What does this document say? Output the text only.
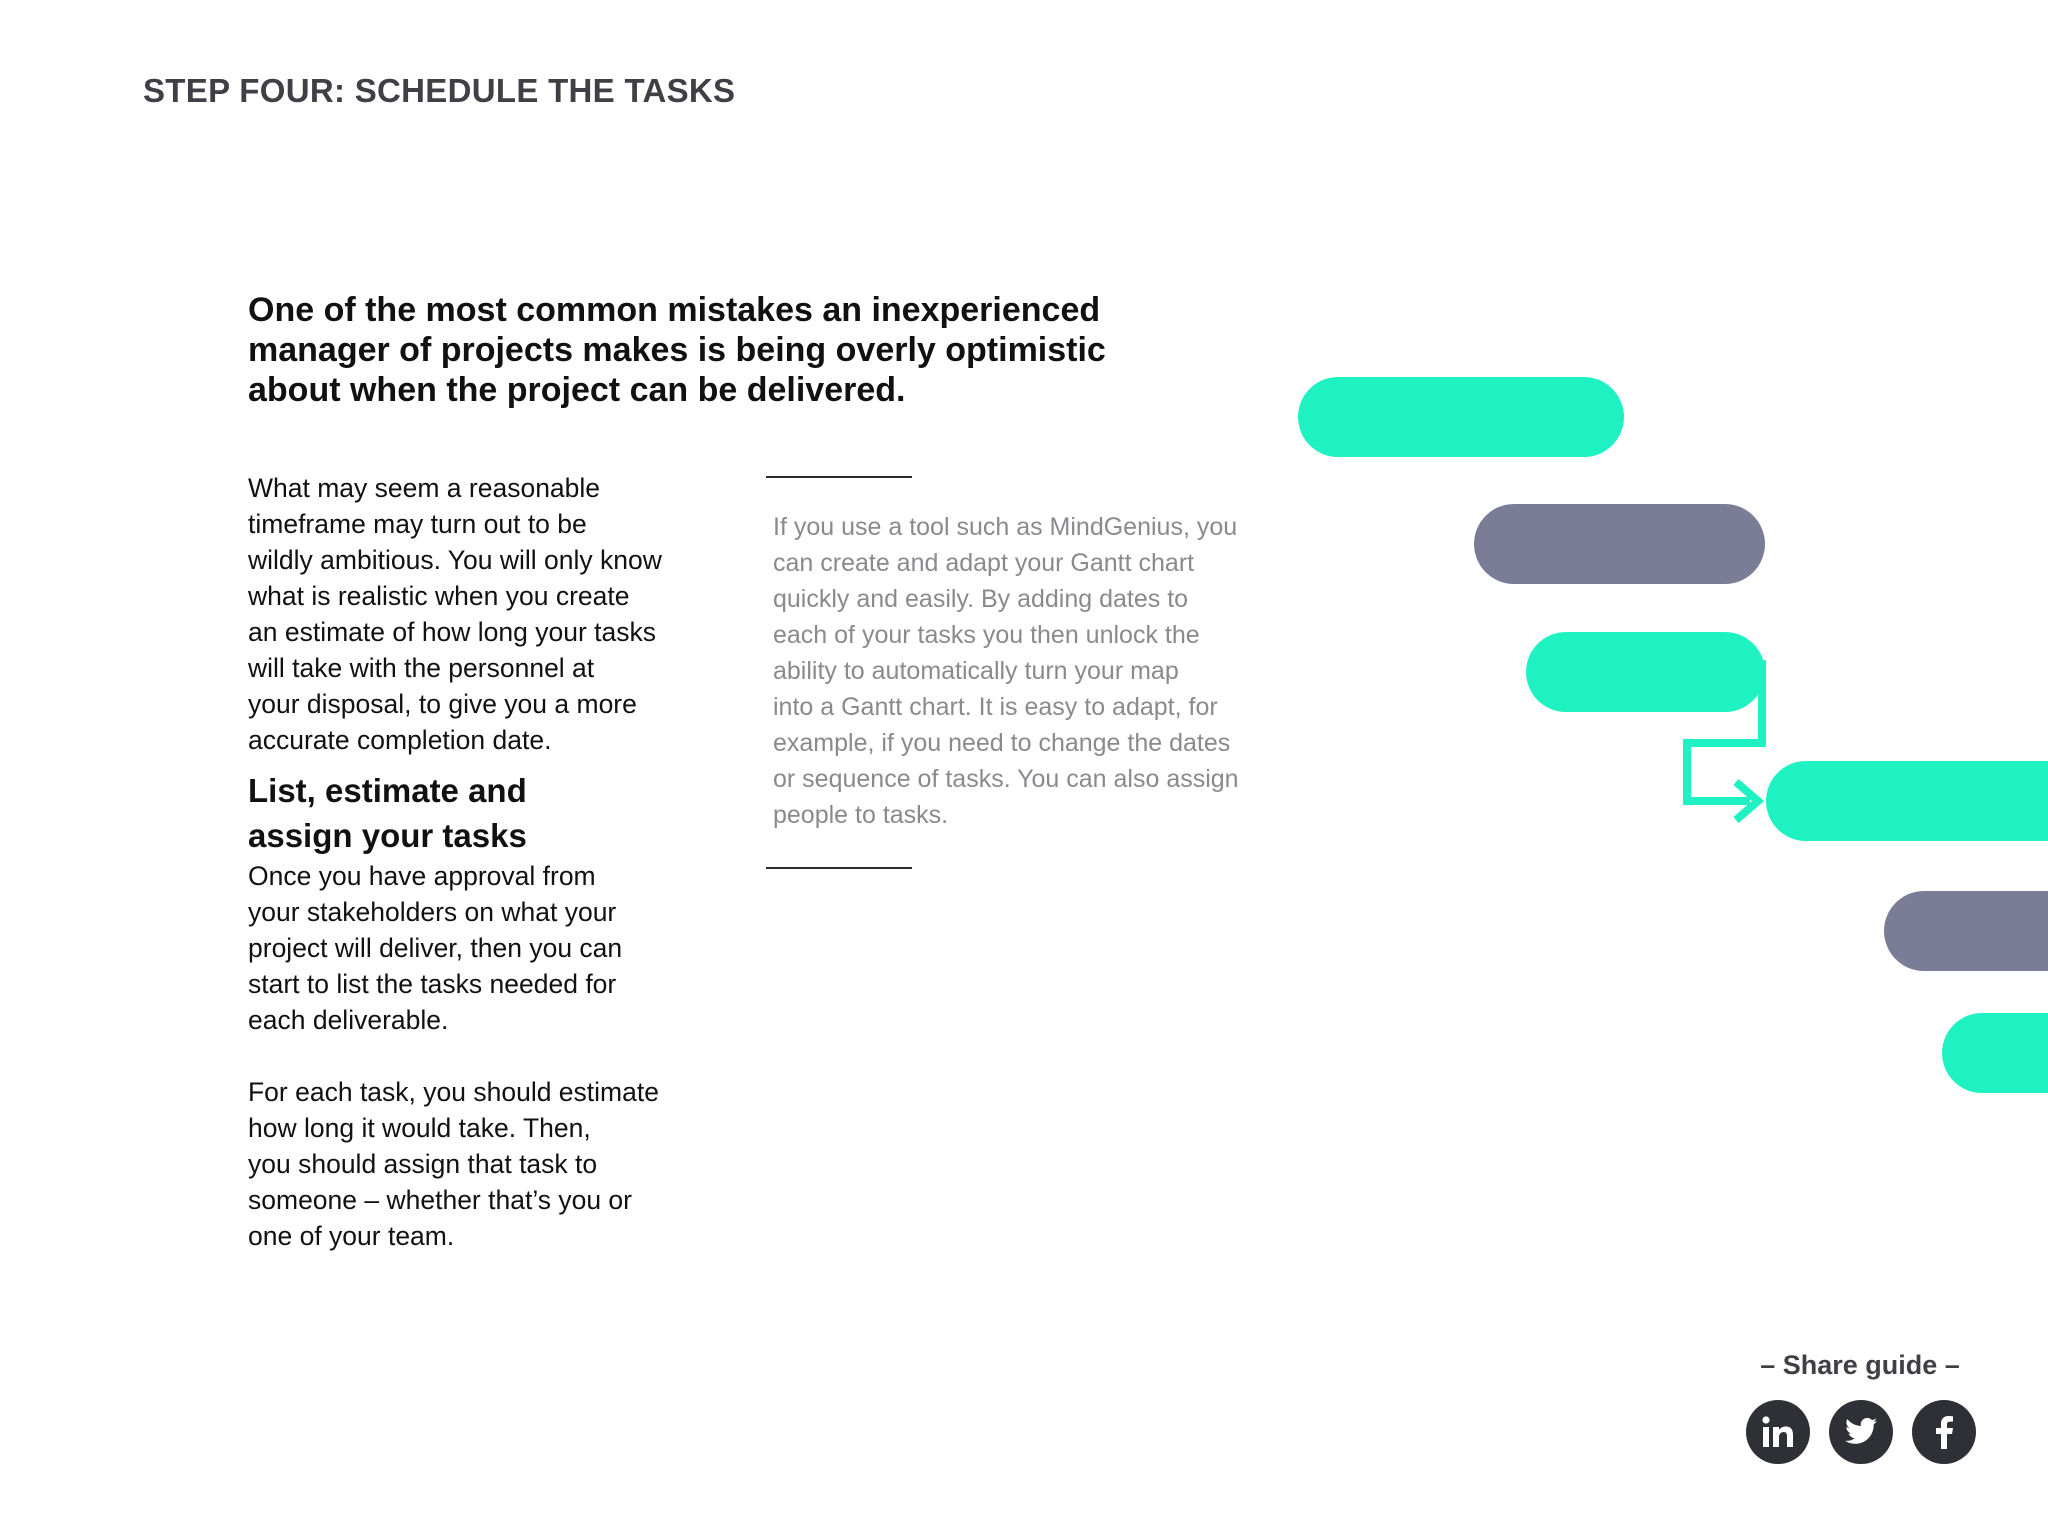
STEP FOUR: SCHEDULE THE TASKS
One of the most common mistakes an inexperienced
manager of projects makes is being overly optimistic
about when the project can be delivered.

What may seem a reasonable
timeframe may turn out to be
wildly ambitious. You will only know
what is realistic when you create
an estimate of how long your tasks
will take with the personnel at
your disposal, to give you a more
accurate completion date.

List, estimate and
assign your tasks

Once you have approval from
your stakeholders on what your
project will deliver, then you can
start to list the tasks needed for
each deliverable.

For each task, you should estimate
how long it would take. Then,
you should assign that task to
someone – whether that’s you or
one of your team.

If you use a tool such as MindGenius, you
can create and adapt your Gantt chart
quickly and easily. By adding dates to
each of your tasks you then unlock the
ability to automatically turn your map
into a Gantt chart. It is easy to adapt, for
example, if you need to change the dates
or sequence of tasks. You can also assign
people to tasks.
– Share guide –
